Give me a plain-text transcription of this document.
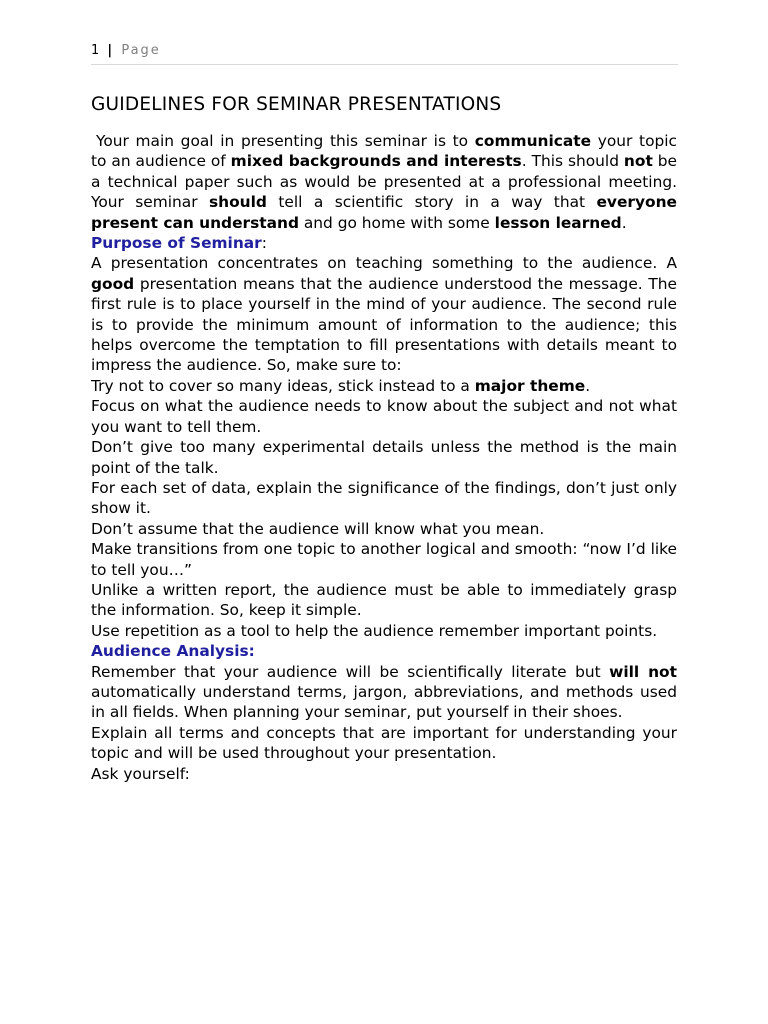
1 | Page
GUIDELINES FOR SEMINAR PRESENTATIONS

Your main goal in presenting this seminar is to communicate your topic to an audience of mixed backgrounds and interests. This should not be a technical paper such as would be presented at a professional meeting. Your seminar should tell a scientific story in a way that everyone present can understand and go home with some lesson learned.

Purpose of Seminar:

A presentation concentrates on teaching something to the audience. A good presentation means that the audience understood the message. The first rule is to place yourself in the mind of your audience. The second rule is to provide the minimum amount of information to the audience; this helps overcome the temptation to fill presentations with details meant to impress the audience. So, make sure to:

Try not to cover so many ideas, stick instead to a major theme.

Focus on what the audience needs to know about the subject and not what you want to tell them.

Don’t give too many experimental details unless the method is the main point of the talk.

For each set of data, explain the significance of the findings, don’t just only show it.

Don’t assume that the audience will know what you mean.

Make transitions from one topic to another logical and smooth: “now I’d like to tell you…”

Unlike a written report, the audience must be able to immediately grasp the information. So, keep it simple.

Use repetition as a tool to help the audience remember important points.

Audience Analysis:

Remember that your audience will be scientifically literate but will not automatically understand terms, jargon, abbreviations, and methods used in all fields. When planning your seminar, put yourself in their shoes.

Explain all terms and concepts that are important for understanding your topic and will be used throughout your presentation.

Ask yourself:
